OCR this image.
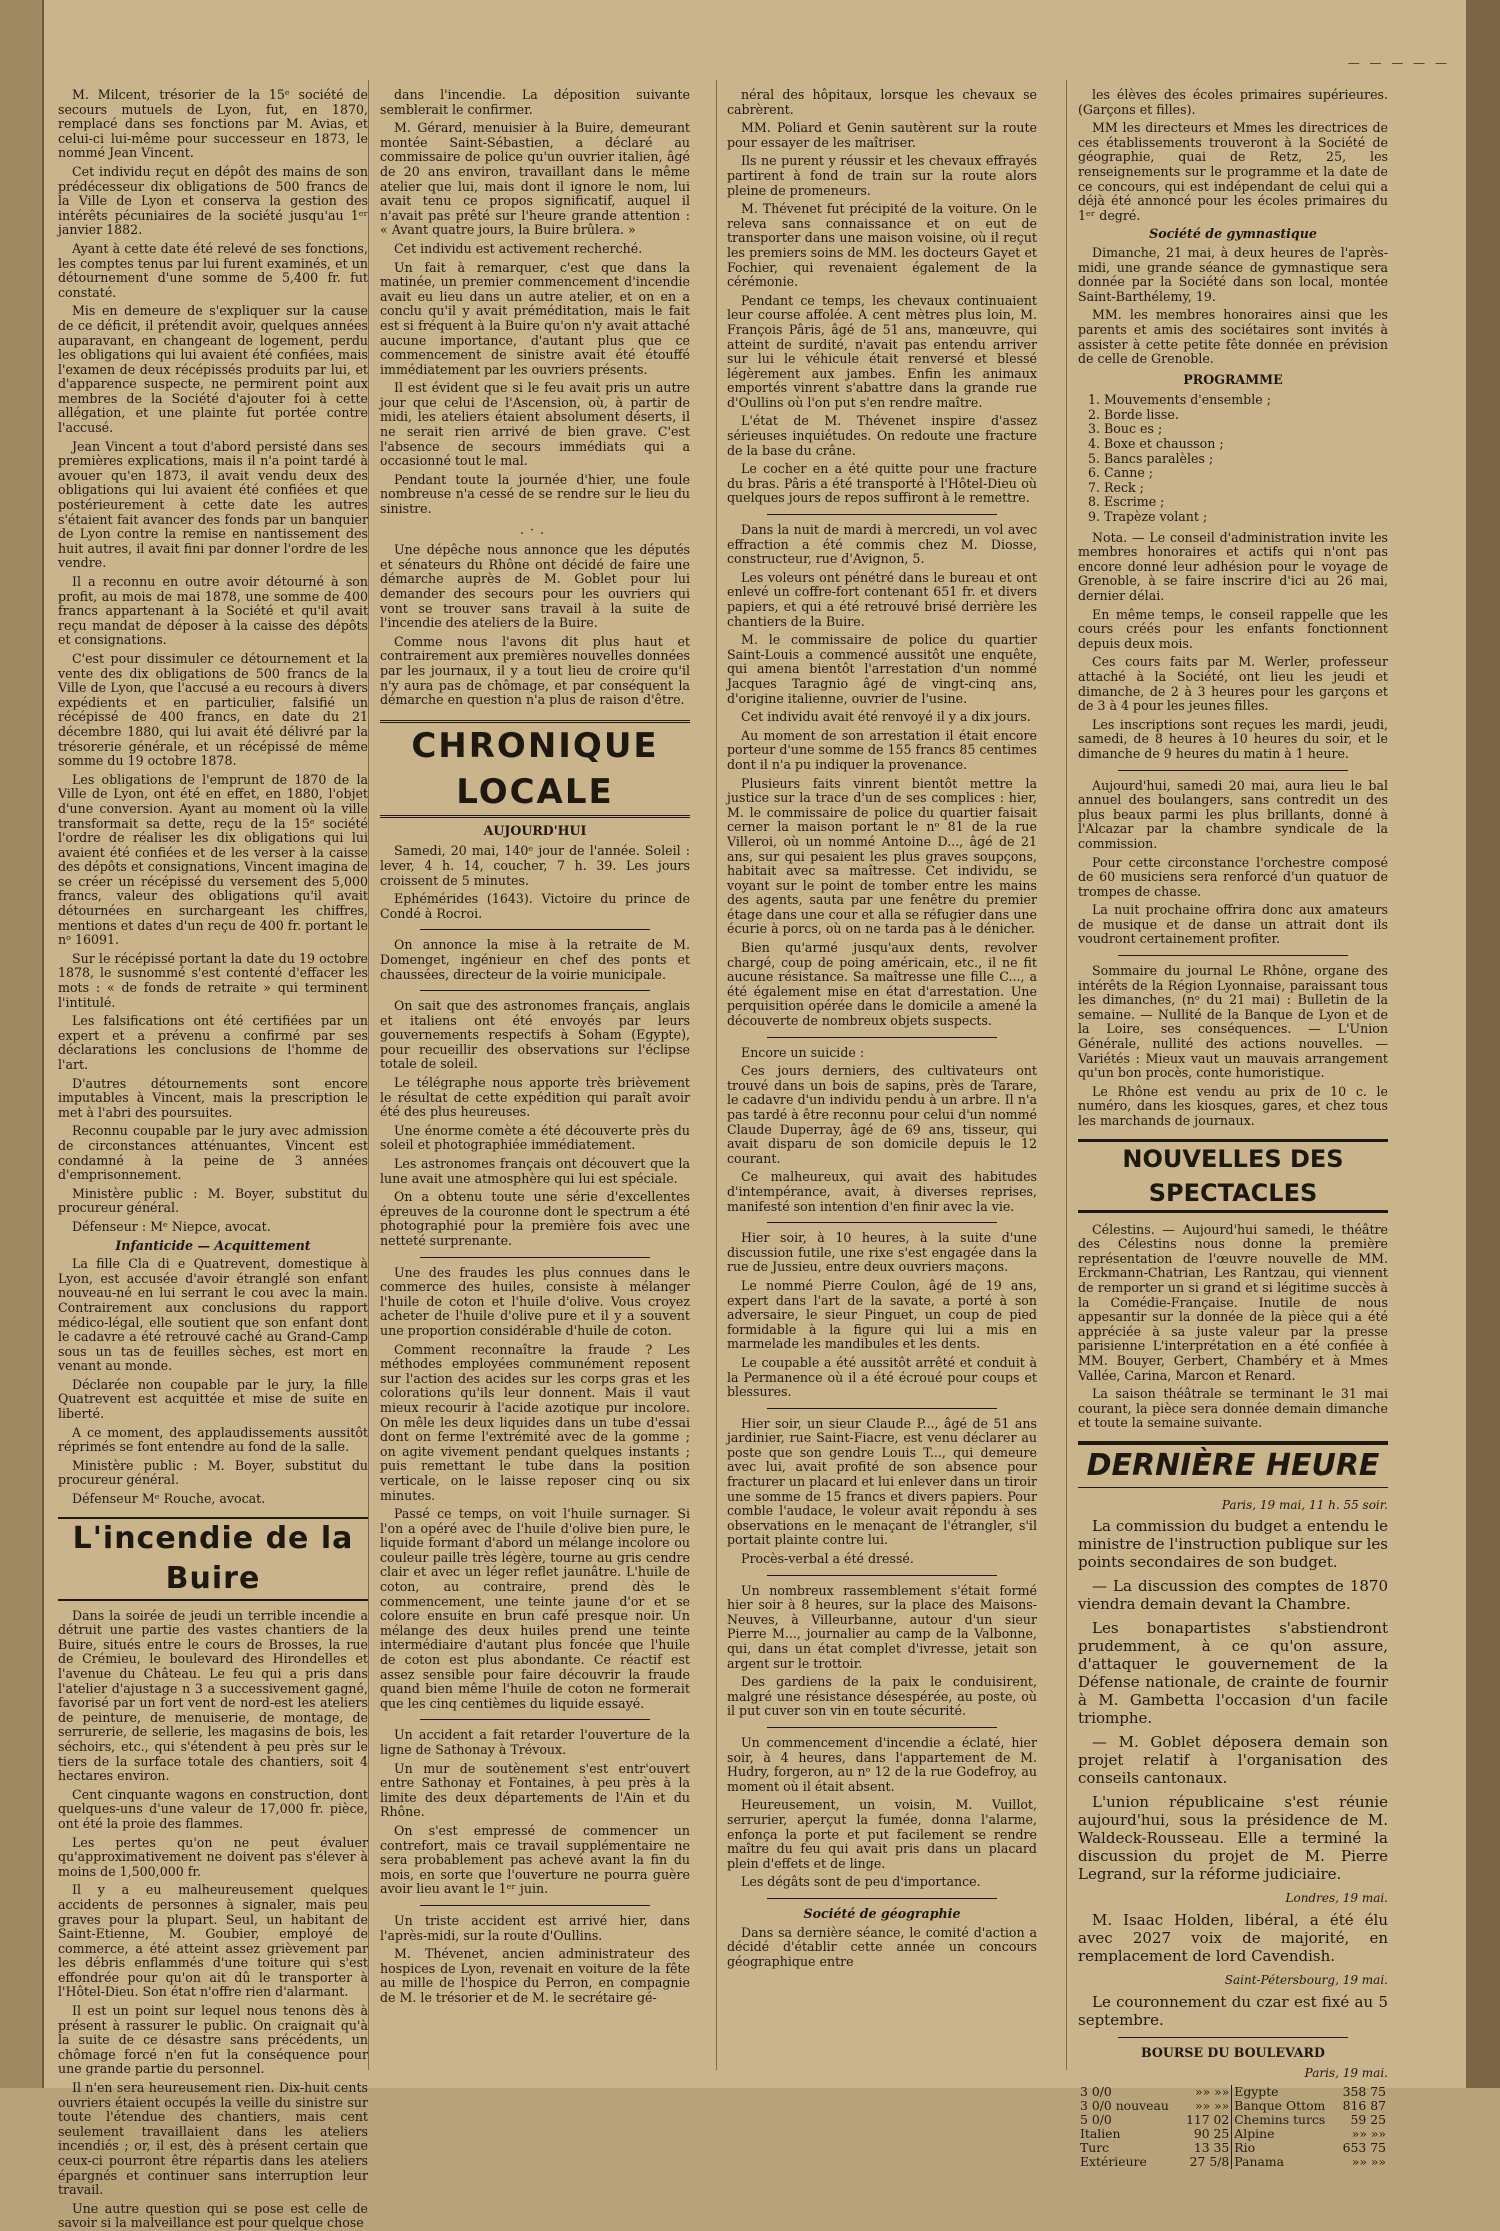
— — — — —

M. Milcent, trésorier de la 15ᵉ société de secours mutuels de Lyon, fut, en 1870, remplacé dans ses fonctions par M. Avias, et celui-ci lui-même pour successeur en 1873, le nommé Jean Vincent.

Cet individu reçut en dépôt des mains de son prédécesseur dix obligations de 500 francs de la Ville de Lyon et conserva la gestion des intérêts pécuniaires de la société jusqu'au 1ᵉʳ janvier 1882.

Ayant à cette date été relevé de ses fonctions, les comptes tenus par lui furent examinés, et un détournement d'une somme de 5,400 fr. fut constaté.

Mis en demeure de s'expliquer sur la cause de ce déficit, il prétendit avoir, quelques années auparavant, en changeant de logement, perdu les obligations qui lui avaient été confiées, mais l'examen de deux récépissés produits par lui, et d'apparence suspecte, ne permirent point aux membres de la Société d'ajouter foi à cette allégation, et une plainte fut portée contre l'accusé.

Jean Vincent a tout d'abord persisté dans ses premières explications, mais il n'a point tardé à avouer qu'en 1873, il avait vendu deux des obligations qui lui avaient été confiées et que postérieurement à cette date les autres s'étaient fait avancer des fonds par un banquier de Lyon contre la remise en nantissement des huit autres, il avait fini par donner l'ordre de les vendre.

Il a reconnu en outre avoir détourné à son profit, au mois de mai 1878, une somme de 400 francs appartenant à la Société et qu'il avait reçu mandat de déposer à la caisse des dépôts et consignations.

C'est pour dissimuler ce détournement et la vente des dix obligations de 500 francs de la Ville de Lyon, que l'accusé a eu recours à divers expédients et en particulier, falsifié un récépissé de 400 francs, en date du 21 décembre 1880, qui lui avait été délivré par la trésorerie générale, et un récépissé de même somme du 19 octobre 1878.

Les obligations de l'emprunt de 1870 de la Ville de Lyon, ont été en effet, en 1880, l'objet d'une conversion. Ayant au moment où la ville transformait sa dette, reçu de la 15ᵉ société l'ordre de réaliser les dix obligations qui lui avaient été confiées et de les verser à la caisse des dépôts et consignations, Vincent imagina de se créer un récépissé du versement des 5,000 francs, valeur des obligations qu'il avait détournées en surchargeant les chiffres, mentions et dates d'un reçu de 400 fr. portant le nᵒ 16091.

Sur le récépissé portant la date du 19 octobre 1878, le susnommé s'est contenté d'effacer les mots : « de fonds de retraite » qui terminent l'intitulé.

Les falsifications ont été certifiées par un expert et a prévenu a confirmé par ses déclarations les conclusions de l'homme de l'art.

D'autres détournements sont encore imputables à Vincent, mais la prescription le met à l'abri des poursuites.

Reconnu coupable par le jury avec admission de circonstances atténuantes, Vincent est condamné à la peine de 3 années d'emprisonnement.

Ministère public : M. Boyer, substitut du procureur général.

Défenseur : Mᵉ Niepce, avocat.

Infanticide — Acquittement

La fille Cla di e Quatrevent, domestique à Lyon, est accusée d'avoir étranglé son enfant nouveau-né en lui serrant le cou avec la main. Contrairement aux conclusions du rapport médico-légal, elle soutient que son enfant dont le cadavre a été retrouvé caché au Grand-Camp sous un tas de feuilles sèches, est mort en venant au monde.

Déclarée non coupable par le jury, la fille Quatrevent est acquittée et mise de suite en liberté.

A ce moment, des applaudissements aussitôt réprimés se font entendre au fond de la salle.

Ministère public : M. Boyer, substitut du procureur général.

Défenseur Mᵉ Rouche, avocat.

L'incendie de la Buire

Dans la soirée de jeudi un terrible incendie a détruit une partie des vastes chantiers de la Buire, situés entre le cours de Brosses, la rue de Crémieu, le boulevard des Hirondelles et l'avenue du Château. Le feu qui a pris dans l'atelier d'ajustage n 3 a successivement gagné, favorisé par un fort vent de nord-est les ateliers de peinture, de menuiserie, de montage, de serrurerie, de sellerie, les magasins de bois, les séchoirs, etc., qui s'étendent à peu près sur le tiers de la surface totale des chantiers, soit 4 hectares environ.

Cent cinquante wagons en construction, dont quelques-uns d'une valeur de 17,000 fr. pièce, ont été la proie des flammes.

Les pertes qu'on ne peut évaluer qu'approximativement ne doivent pas s'élever à moins de 1,500,000 fr.

Il y a eu malheureusement quelques accidents de personnes à signaler, mais peu graves pour la plupart. Seul, un habitant de Saint-Etienne, M. Goubier, employé de commerce, a été atteint assez grièvement par les débris enflammés d'une toiture qui s'est effondrée pour qu'on ait dû le transporter à l'Hôtel-Dieu. Son état n'offre rien d'alarmant.

Il est un point sur lequel nous tenons dès à présent à rassurer le public. On craignait qu'à la suite de ce désastre sans précédents, un chômage forcé n'en fut la conséquence pour une grande partie du personnel.

Il n'en sera heureusement rien. Dix-huit cents ouvriers étaient occupés la veille du sinistre sur toute l'étendue des chantiers, mais cent seulement travaillaient dans les ateliers incendiés ; or, il est, dès à présent certain que ceux-ci pourront être répartis dans les ateliers épargnés et continuer sans interruption leur travail.

Une autre question qui se pose est celle de savoir si la malveillance est pour quelque chose

dans l'incendie. La déposition suivante semblerait le confirmer.

M. Gérard, menuisier à la Buire, demeurant montée Saint-Sébastien, a déclaré au commissaire de police qu'un ouvrier italien, âgé de 20 ans environ, travaillant dans le même atelier que lui, mais dont il ignore le nom, lui avait tenu ce propos significatif, auquel il n'avait pas prêté sur l'heure grande attention : « Avant quatre jours, la Buire brûlera. »

Cet individu est activement recherché.

Un fait à remarquer, c'est que dans la matinée, un premier commencement d'incendie avait eu lieu dans un autre atelier, et on en a conclu qu'il y avait préméditation, mais le fait est si fréquent à la Buire qu'on n'y avait attaché aucune importance, d'autant plus que ce commencement de sinistre avait été étouffé immédiatement par les ouvriers présents.

Il est évident que si le feu avait pris un autre jour que celui de l'Ascension, où, à partir de midi, les ateliers étaient absolument déserts, il ne serait rien arrivé de bien grave. C'est l'absence de secours immédiats qui a occasionné tout le mal.

Pendant toute la journée d'hier, une foule nombreuse n'a cessé de se rendre sur le lieu du sinistre.

.·.

Une dépêche nous annonce que les députés et sénateurs du Rhône ont décidé de faire une démarche auprès de M. Goblet pour lui demander des secours pour les ouvriers qui vont se trouver sans travail à la suite de l'incendie des ateliers de la Buire.

Comme nous l'avons dit plus haut et contrairement aux premières nouvelles données par les journaux, il y a tout lieu de croire qu'il n'y aura pas de chômage, et par conséquent la démarche en question n'a plus de raison d'être.

CHRONIQUE LOCALE
AUJOURD'HUI

Samedi, 20 mai, 140ᵉ jour de l'année. Soleil : lever, 4 h. 14, coucher, 7 h. 39. Les jours croissent de 5 minutes.

Ephémérides (1643). Victoire du prince de Condé à Rocroi.

On annonce la mise à la retraite de M. Domenget, ingénieur en chef des ponts et chaussées, directeur de la voirie municipale.

On sait que des astronomes français, anglais et italiens ont été envoyés par leurs gouvernements respectifs à Soham (Egypte), pour recueillir des observations sur l'éclipse totale de soleil.

Le télégraphe nous apporte très brièvement le résultat de cette expédition qui paraît avoir été des plus heureuses.

Une énorme comète a été découverte près du soleil et photographiée immédiatement.

Les astronomes français ont découvert que la lune avait une atmosphère qui lui est spéciale.

On a obtenu toute une série d'excellentes épreuves de la couronne dont le spectrum a été photographié pour la première fois avec une netteté surprenante.

Une des fraudes les plus connues dans le commerce des huiles, consiste à mélanger l'huile de coton et l'huile d'olive. Vous croyez acheter de l'huile d'olive pure et il y a souvent une proportion considérable d'huile de coton.

Comment reconnaître la fraude ? Les méthodes employées communément reposent sur l'action des acides sur les corps gras et les colorations qu'ils leur donnent. Mais il vaut mieux recourir à l'acide azotique pur incolore. On mêle les deux liquides dans un tube d'essai dont on ferme l'extrémité avec de la gomme ; on agite vivement pendant quelques instants ; puis remettant le tube dans la position verticale, on le laisse reposer cinq ou six minutes.

Passé ce temps, on voit l'huile surnager. Si l'on a opéré avec de l'huile d'olive bien pure, le liquide formant d'abord un mélange incolore ou couleur paille très légère, tourne au gris cendre clair et avec un léger reflet jaunâtre. L'huile de coton, au contraire, prend dès le commencement, une teinte jaune d'or et se colore ensuite en brun café presque noir. Un mélange des deux huiles prend une teinte intermédiaire d'autant plus foncée que l'huile de coton est plus abondante. Ce réactif est assez sensible pour faire découvrir la fraude quand bien même l'huile de coton ne formerait que les cinq centièmes du liquide essayé.

Un accident a fait retarder l'ouverture de la ligne de Sathonay à Trévoux.

Un mur de soutènement s'est entr'ouvert entre Sathonay et Fontaines, à peu près à la limite des deux départements de l'Ain et du Rhône.

On s'est empressé de commencer un contrefort, mais ce travail supplémentaire ne sera probablement pas achevé avant la fin du mois, en sorte que l'ouverture ne pourra guère avoir lieu avant le 1ᵉʳ juin.

Un triste accident est arrivé hier, dans l'après-midi, sur la route d'Oullins.

M. Thévenet, ancien administrateur des hospices de Lyon, revenait en voiture de la fête au mille de l'hospice du Perron, en compagnie de M. le trésorier et de M. le secrétaire gé-

néral des hôpitaux, lorsque les chevaux se cabrèrent.

MM. Poliard et Genin sautèrent sur la route pour essayer de les maîtriser.

Ils ne purent y réussir et les chevaux effrayés partirent à fond de train sur la route alors pleine de promeneurs.

M. Thévenet fut précipité de la voiture. On le releva sans connaissance et on eut de transporter dans une maison voisine, où il reçut les premiers soins de MM. les docteurs Gayet et Fochier, qui revenaient également de la cérémonie.

Pendant ce temps, les chevaux continuaient leur course affolée. A cent mètres plus loin, M. François Pâris, âgé de 51 ans, manœuvre, qui atteint de surdité, n'avait pas entendu arriver sur lui le véhicule était renversé et blessé légèrement aux jambes. Enfin les animaux emportés vinrent s'abattre dans la grande rue d'Oullins où l'on put s'en rendre maître.

L'état de M. Thévenet inspire d'assez sérieuses inquiétudes. On redoute une fracture de la base du crâne.

Le cocher en a été quitte pour une fracture du bras. Pâris a été transporté à l'Hôtel-Dieu où quelques jours de repos suffiront à le remettre.

Dans la nuit de mardi à mercredi, un vol avec effraction a été commis chez M. Diosse, constructeur, rue d'Avignon, 5.

Les voleurs ont pénétré dans le bureau et ont enlevé un coffre-fort contenant 651 fr. et divers papiers, et qui a été retrouvé brisé derrière les chantiers de la Buire.

M. le commissaire de police du quartier Saint-Louis a commencé aussitôt une enquête, qui amena bientôt l'arrestation d'un nommé Jacques Taragnio âgé de vingt-cinq ans, d'origine italienne, ouvrier de l'usine.

Cet individu avait été renvoyé il y a dix jours.

Au moment de son arrestation il était encore porteur d'une somme de 155 francs 85 centimes dont il n'a pu indiquer la provenance.

Plusieurs faits vinrent bientôt mettre la justice sur la trace d'un de ses complices : hier, M. le commissaire de police du quartier faisait cerner la maison portant le nᵒ 81 de la rue Villeroi, où un nommé Antoine D..., âgé de 21 ans, sur qui pesaient les plus graves soupçons, habitait avec sa maîtresse. Cet individu, se voyant sur le point de tomber entre les mains des agents, sauta par une fenêtre du premier étage dans une cour et alla se réfugier dans une écurie à porcs, où on ne tarda pas à le dénicher.

Bien qu'armé jusqu'aux dents, revolver chargé, coup de poing américain, etc., il ne fit aucune résistance. Sa maîtresse une fille C..., a été également mise en état d'arrestation. Une perquisition opérée dans le domicile a amené la découverte de nombreux objets suspects.

Encore un suicide :

Ces jours derniers, des cultivateurs ont trouvé dans un bois de sapins, près de Tarare, le cadavre d'un individu pendu à un arbre. Il n'a pas tardé à être reconnu pour celui d'un nommé Claude Duperray, âgé de 69 ans, tisseur, qui avait disparu de son domicile depuis le 12 courant.

Ce malheureux, qui avait des habitudes d'intempérance, avait, à diverses reprises, manifesté son intention d'en finir avec la vie.

Hier soir, à 10 heures, à la suite d'une discussion futile, une rixe s'est engagée dans la rue de Jussieu, entre deux ouvriers maçons.

Le nommé Pierre Coulon, âgé de 19 ans, expert dans l'art de la savate, a porté à son adversaire, le sieur Pinguet, un coup de pied formidable à la figure qui lui a mis en marmelade les mandibules et les dents.

Le coupable a été aussitôt arrêté et conduit à la Permanence où il a été écroué pour coups et blessures.

Hier soir, un sieur Claude P..., âgé de 51 ans jardinier, rue Saint-Fiacre, est venu déclarer au poste que son gendre Louis T..., qui demeure avec lui, avait profité de son absence pour fracturer un placard et lui enlever dans un tiroir une somme de 15 francs et divers papiers. Pour comble l'audace, le voleur avait répondu à ses observations en le menaçant de l'étrangler, s'il portait plainte contre lui.

Procès-verbal a été dressé.

Un nombreux rassemblement s'était formé hier soir à 8 heures, sur la place des Maisons-Neuves, à Villeurbanne, autour d'un sieur Pierre M..., journalier au camp de la Valbonne, qui, dans un état complet d'ivresse, jetait son argent sur le trottoir.

Des gardiens de la paix le conduisirent, malgré une résistance désespérée, au poste, où il put cuver son vin en toute sécurité.

Un commencement d'incendie a éclaté, hier soir, à 4 heures, dans l'appartement de M. Hudry, forgeron, au nᵒ 12 de la rue Godefroy, au moment où il était absent.

Heureusement, un voisin, M. Vuillot, serrurier, aperçut la fumée, donna l'alarme, enfonça la porte et put facilement se rendre maître du feu qui avait pris dans un placard plein d'effets et de linge.

Les dégâts sont de peu d'importance.

Société de géographie

Dans sa dernière séance, le comité d'action a décidé d'établir cette année un concours géographique entre

les élèves des écoles primaires supérieures. (Garçons et filles).

MM les directeurs et Mmes les directrices de ces établissements trouveront à la Société de géographie, quai de Retz, 25, les renseignements sur le programme et la date de ce concours, qui est indépendant de celui qui a déjà été annoncé pour les écoles primaires du 1ᵉʳ degré.

Société de gymnastique

Dimanche, 21 mai, à deux heures de l'après-midi, une grande séance de gymnastique sera donnée par la Société dans son local, montée Saint-Barthélemy, 19.

MM. les membres honoraires ainsi que les parents et amis des sociétaires sont invités à assister à cette petite fête donnée en prévision de celle de Grenoble.

PROGRAMME
1. Mouvements d'ensemble ;
2. Borde lisse.
3. Bouc es ;
4. Boxe et chausson ;
5. Bancs paralèles ;
6. Canne ;
7. Reck ;
8. Escrime ;
9. Trapèze volant ;

Nota. — Le conseil d'administration invite les membres honoraires et actifs qui n'ont pas encore donné leur adhésion pour le voyage de Grenoble, à se faire inscrire d'ici au 26 mai, dernier délai.

En même temps, le conseil rappelle que les cours créés pour les enfants fonctionnent depuis deux mois.

Ces cours faits par M. Werler, professeur attaché à la Société, ont lieu les jeudi et dimanche, de 2 à 3 heures pour les garçons et de 3 à 4 pour les jeunes filles.

Les inscriptions sont reçues les mardi, jeudi, samedi, de 8 heures à 10 heures du soir, et le dimanche de 9 heures du matin à 1 heure.

Aujourd'hui, samedi 20 mai, aura lieu le bal annuel des boulangers, sans contredit un des plus beaux parmi les plus brillants, donné à l'Alcazar par la chambre syndicale de la commission.

Pour cette circonstance l'orchestre composé de 60 musiciens sera renforcé d'un quatuor de trompes de chasse.

La nuit prochaine offrira donc aux amateurs de musique et de danse un attrait dont ils voudront certainement profiter.

Sommaire du journal Le Rhône, organe des intérêts de la Région Lyonnaise, paraissant tous les dimanches, (nᵒ du 21 mai) : Bulletin de la semaine. — Nullité de la Banque de Lyon et de la Loire, ses conséquences. — L'Union Générale, nullité des actions nouvelles. — Variétés : Mieux vaut un mauvais arrangement qu'un bon procès, conte humoristique.

Le Rhône est vendu au prix de 10 c. le numéro, dans les kiosques, gares, et chez tous les marchands de journaux.

NOUVELLES DES SPECTACLES

Célestins. — Aujourd'hui samedi, le théâtre des Célestins nous donne la première représentation de l'œuvre nouvelle de MM. Erckmann-Chatrian, Les Rantzau, qui viennent de remporter un si grand et si légitime succès à la Comédie-Française. Inutile de nous appesantir sur la donnée de la pièce qui a été appréciée à sa juste valeur par la presse parisienne L'interprétation en a été confiée à MM. Bouyer, Gerbert, Chambéry et à Mmes Vallée, Carina, Marcon et Renard.

La saison théâtrale se terminant le 31 mai courant, la pièce sera donnée demain dimanche et toute la semaine suivante.

DERNIÈRE HEURE
Paris, 19 mai, 11 h. 55 soir.

La commission du budget a entendu le ministre de l'instruction publique sur les points secondaires de son budget.

— La discussion des comptes de 1870 viendra demain devant la Chambre.

Les bonapartistes s'abstiendront prudemment, à ce qu'on assure, d'attaquer le gouvernement de la Défense nationale, de crainte de fournir à M. Gambetta l'occasion d'un facile triomphe.

— M. Goblet déposera demain son projet relatif à l'organisation des conseils cantonaux.

L'union républicaine s'est réunie aujourd'hui, sous la présidence de M. Waldeck-Rousseau. Elle a terminé la discussion du projet de M. Pierre Legrand, sur la réforme judiciaire.

Londres, 19 mai.

M. Isaac Holden, libéral, a été élu avec 2027 voix de majorité, en remplacement de lord Cavendish.

Saint-Pétersbourg, 19 mai.

Le couronnement du czar est fixé au 5 septembre.

BOURSE DU BOULEVARD
Paris, 19 mai.
3 0/0	»» »»	Egypte	358 75
3 0/0 nouveau	»» »»	Banque Ottom	816 87
5 0/0	117 02	Chemins turcs	59 25
Italien	90 25	Alpine	»» »»
Turc	13 35	Rio	653 75
Extérieure	27 5/8	Panama	»» »»
